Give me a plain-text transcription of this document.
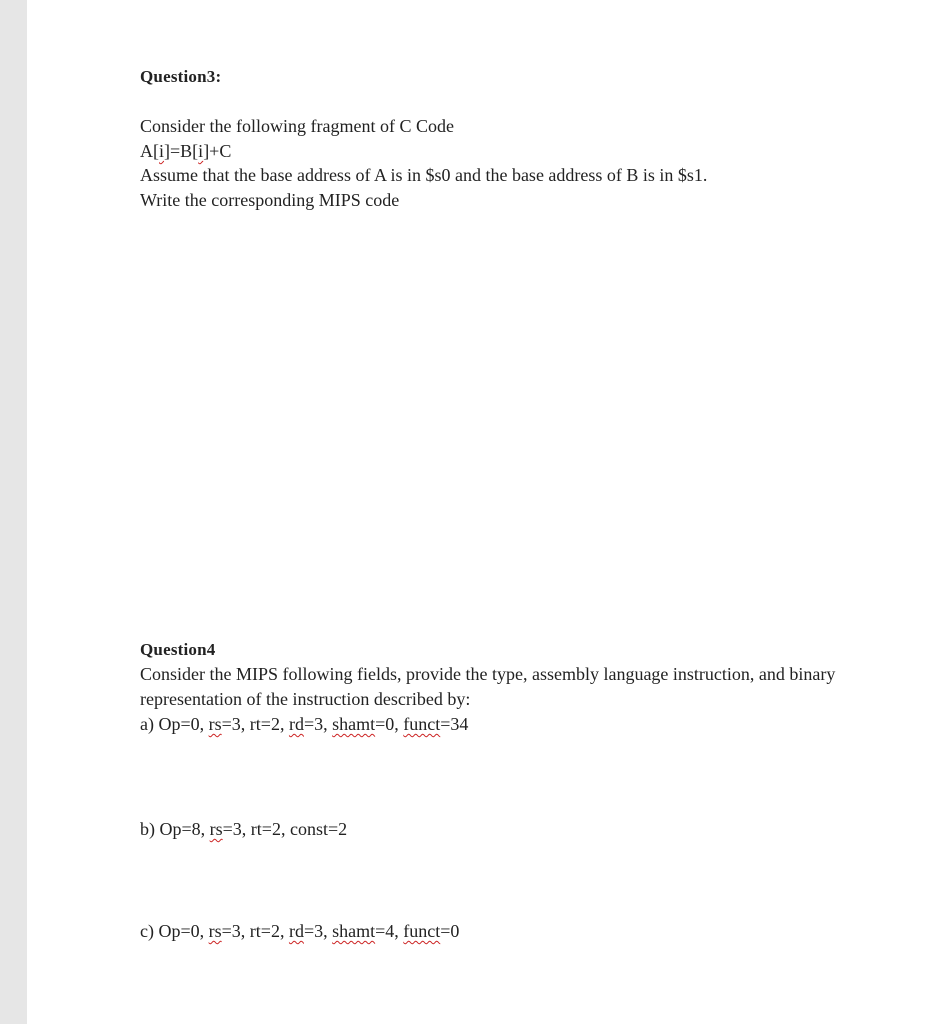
Question3:
Consider the following fragment of C Code
A[i]=B[i]+C
Assume that the base address of A is in $s0 and the base address of B is in $s1.
Write the corresponding MIPS code
Question4
Consider the MIPS following fields, provide the type, assembly language instruction, and binary
representation of the instruction described by:
a) Op=0, rs=3, rt=2, rd=3, shamt=0, funct=34
b) Op=8, rs=3, rt=2, const=2
c) Op=0, rs=3, rt=2, rd=3, shamt=4, funct=0
